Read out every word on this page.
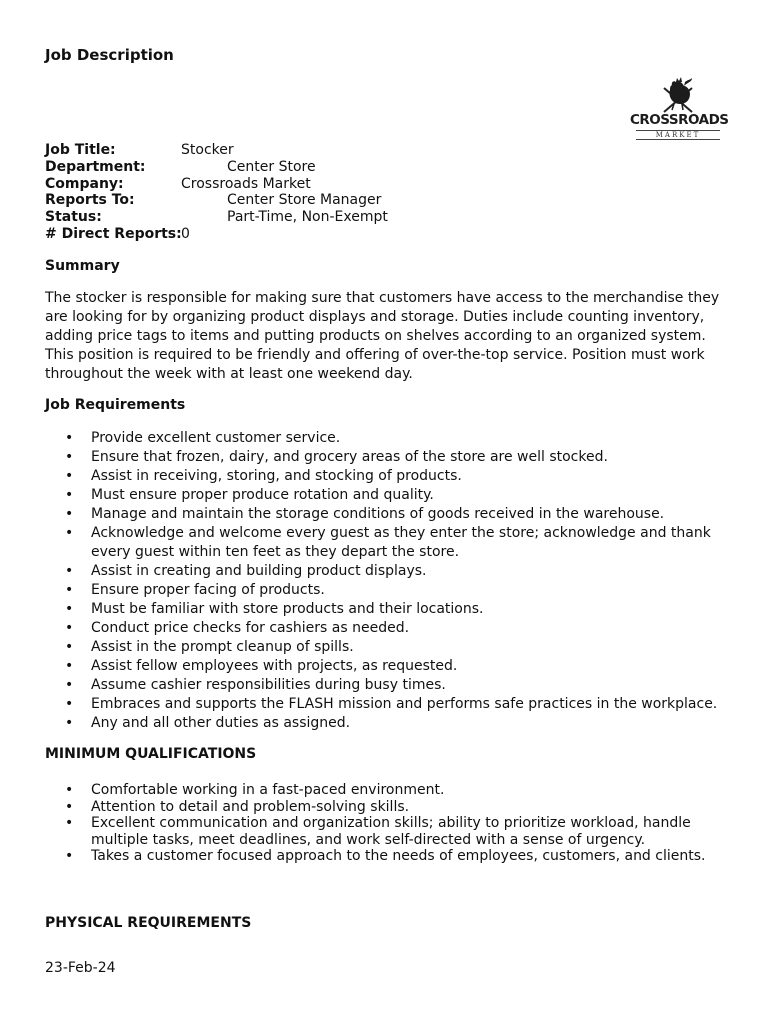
Job Description
CROSSROADS
MARKET
Job Title:	Stocker
Department:	Center Store
Company:	Crossroads Market
Reports To:	Center Store Manager
Status:	Part-Time, Non-Exempt
# Direct Reports: 0
Summary
The stocker is responsible for making sure that customers have access to the merchandise they are looking for by organizing product displays and storage. Duties include counting inventory, adding price tags to items and putting products on shelves according to an organized system. This position is required to be friendly and offering of over-the-top service. Position must work throughout the week with at least one weekend day.
Job Requirements
• Provide excellent customer service.
• Ensure that frozen, dairy, and grocery areas of the store are well stocked.
• Assist in receiving, storing, and stocking of products.
• Must ensure proper produce rotation and quality.
• Manage and maintain the storage conditions of goods received in the warehouse.
• Acknowledge and welcome every guest as they enter the store; acknowledge and thank every guest within ten feet as they depart the store.
• Assist in creating and building product displays.
• Ensure proper facing of products.
• Must be familiar with store products and their locations.
• Conduct price checks for cashiers as needed.
• Assist in the prompt cleanup of spills.
• Assist fellow employees with projects, as requested.
• Assume cashier responsibilities during busy times.
• Embraces and supports the FLASH mission and performs safe practices in the workplace.
• Any and all other duties as assigned.
MINIMUM QUALIFICATIONS
• Comfortable working in a fast-paced environment.
• Attention to detail and problem-solving skills.
• Excellent communication and organization skills; ability to prioritize workload, handle multiple tasks, meet deadlines, and work self-directed with a sense of urgency.
• Takes a customer focused approach to the needs of employees, customers, and clients.
PHYSICAL REQUIREMENTS
23-Feb-24
